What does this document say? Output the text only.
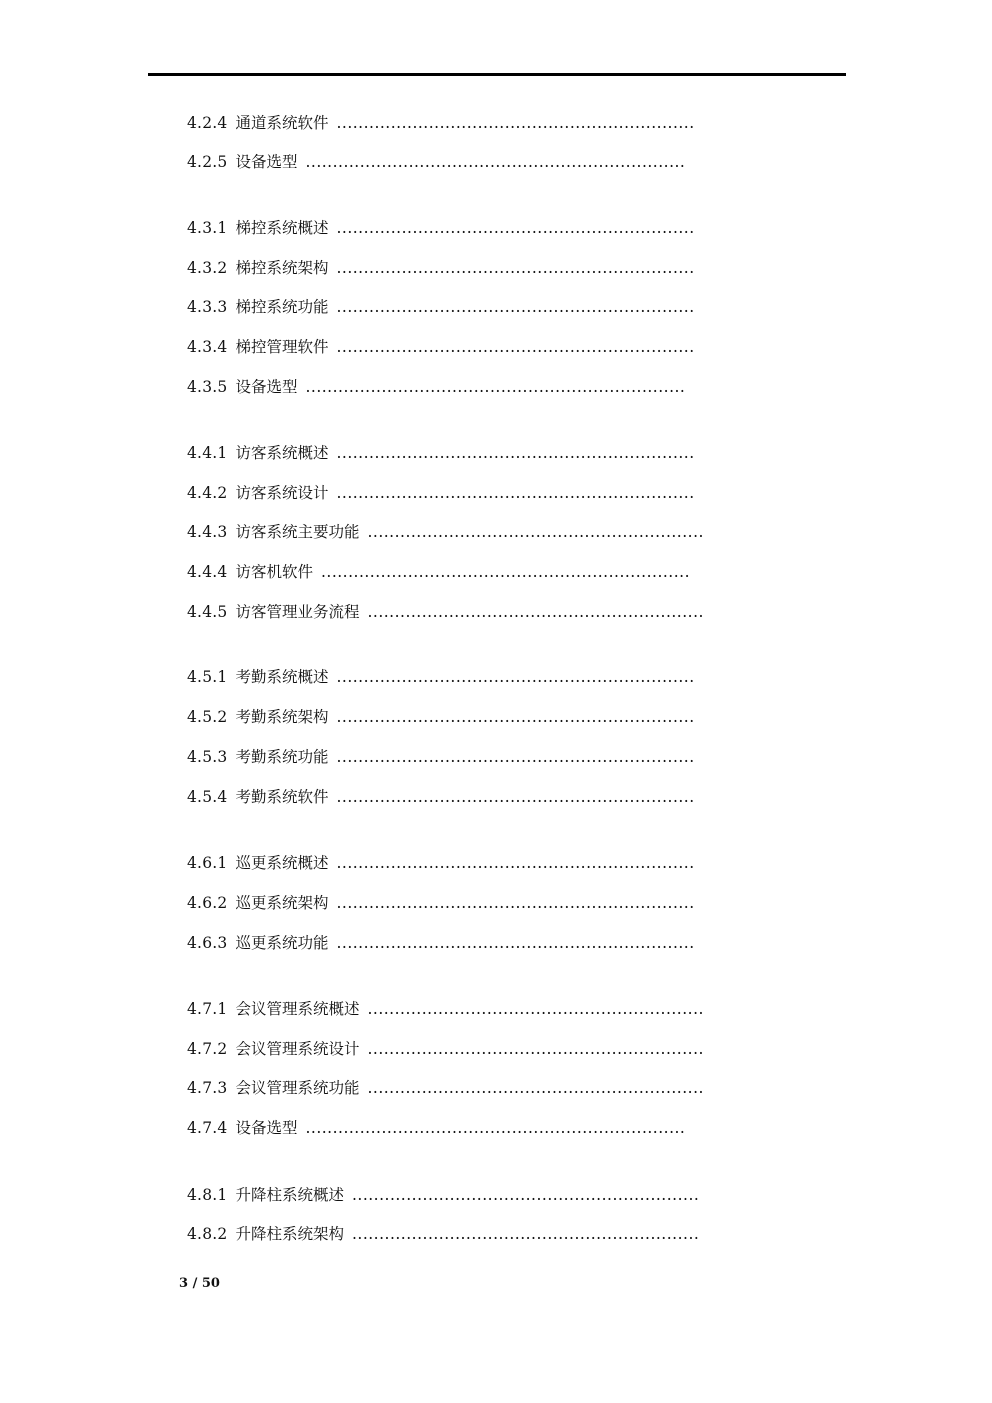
4.2.4 通道系统软件 ..................................................................
4.2.5 设备选型 ......................................................................
4.3.1 梯控系统概述 ..................................................................
4.3.2 梯控系统架构 ..................................................................
4.3.3 梯控系统功能 ..................................................................
4.3.4 梯控管理软件 ..................................................................
4.3.5 设备选型 ......................................................................
4.4.1 访客系统概述 ..................................................................
4.4.2 访客系统设计 ..................................................................
4.4.3 访客系统主要功能 ..............................................................
4.4.4 访客机软件 ....................................................................
4.4.5 访客管理业务流程 ..............................................................
4.5.1 考勤系统概述 ..................................................................
4.5.2 考勤系统架构 ..................................................................
4.5.3 考勤系统功能 ..................................................................
4.5.4 考勤系统软件 ..................................................................
4.6.1 巡更系统概述 ..................................................................
4.6.2 巡更系统架构 ..................................................................
4.6.3 巡更系统功能 ..................................................................
4.7.1 会议管理系统概述 ..............................................................
4.7.2 会议管理系统设计 ..............................................................
4.7.3 会议管理系统功能 ..............................................................
4.7.4 设备选型 ......................................................................
4.8.1 升降柱系统概述 ................................................................
4.8.2 升降柱系统架构 ................................................................
3 / 50
